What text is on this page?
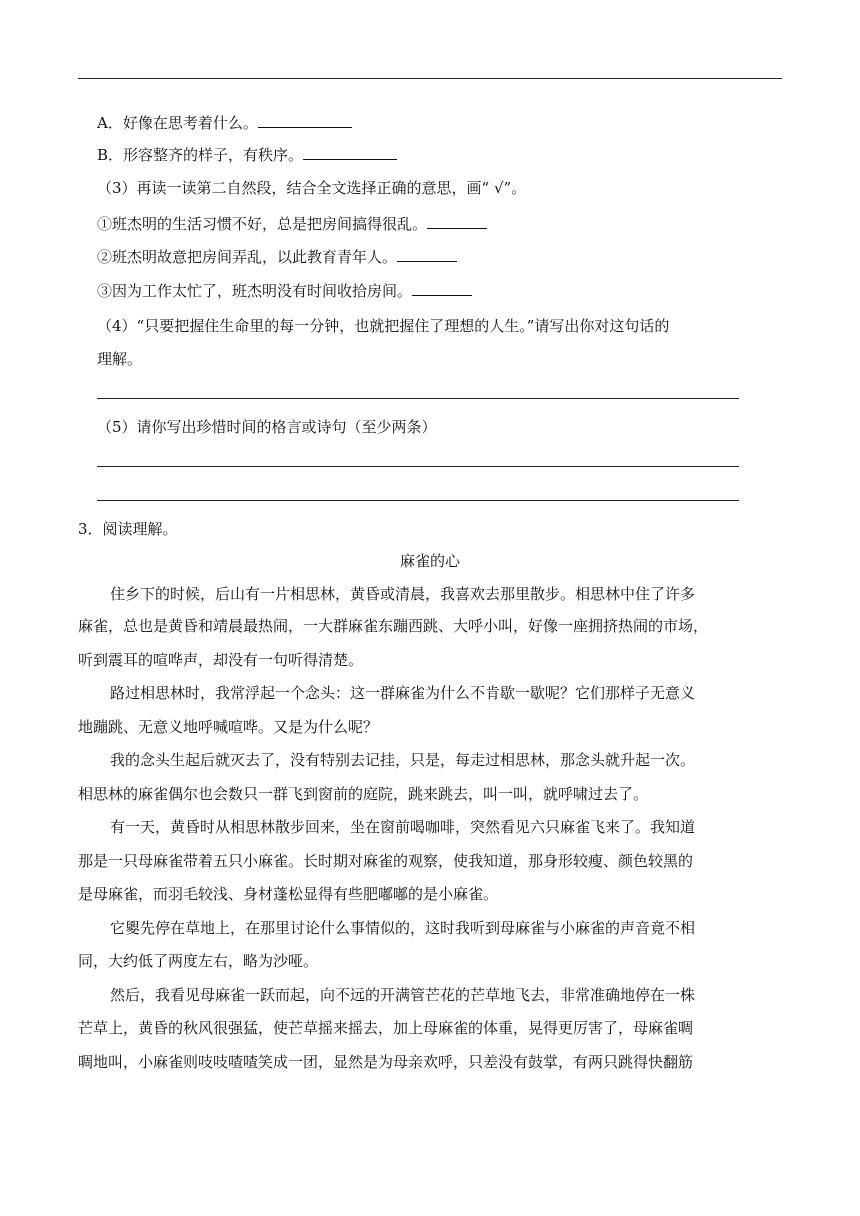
A．好像在思考着什么。
B．形容整齐的样子，有秩序。
（3）再读一读第二自然段，结合全文选择正确的意思，画“ √”。
①班杰明的生活习惯不好，总是把房间搞得很乱。
②班杰明故意把房间弄乱，以此教育青年人。
③因为工作太忙了，班杰明没有时间收拾房间。
（4）“只要把握住生命里的每一分钟，也就把握住了理想的人生。”请写出你对这句话的
理解。
（5）请你写出珍惜时间的格言或诗句（至少两条）
3．阅读理解。
麻雀的心
住乡下的时候，后山有一片相思林，黄昏或清晨，我喜欢去那里散步。相思林中住了许多
麻雀，总也是黄昏和靖晨最热闹，一大群麻雀东蹦西跳、大呼小叫，好像一座拥挤热闹的市场，
听到震耳的喧哗声，却没有一句听得清楚。
路过相思林时，我常浮起一个念头：这一群麻雀为什么不肯歇一歇呢？它们那样子无意义
地蹦跳、无意义地呼喊喧哗。又是为什么呢？
我的念头生起后就灭去了，没有特别去记挂，只是，每走过相思林，那念头就升起一次。
相思林的麻雀偶尔也会数只一群飞到窗前的庭院，跳来跳去，叫一叫，就呼啸过去了。
有一天，黄昏时从相思林散步回来，坐在窗前喝咖啡，突然看见六只麻雀飞来了。我知道
那是一只母麻雀带着五只小麻雀。长时期对麻雀的观察，使我知道，那身形较瘦、颜色较黑的
是母麻雀，而羽毛较浅、身材蓬松显得有些肥嘟嘟的是小麻雀。
它夓先停在草地上，在那里讨论什么事情似的，这时我听到母麻雀与小麻雀的声音竟不相
同，大约低了两度左右，略为沙哑。
然后，我看见母麻雀一跃而起，向不远的开满管芒花的芒草地飞去，非常准确地停在一株
芒草上，黄昏的秋风很强猛，使芒草摇来摇去，加上母麻雀的体重，晃得更厉害了，母麻雀啁
啁地叫，小麻雀则吱吱喳喳笑成一团，显然是为母亲欢呼，只差没有鼓掌，有两只跳得快翻筋
